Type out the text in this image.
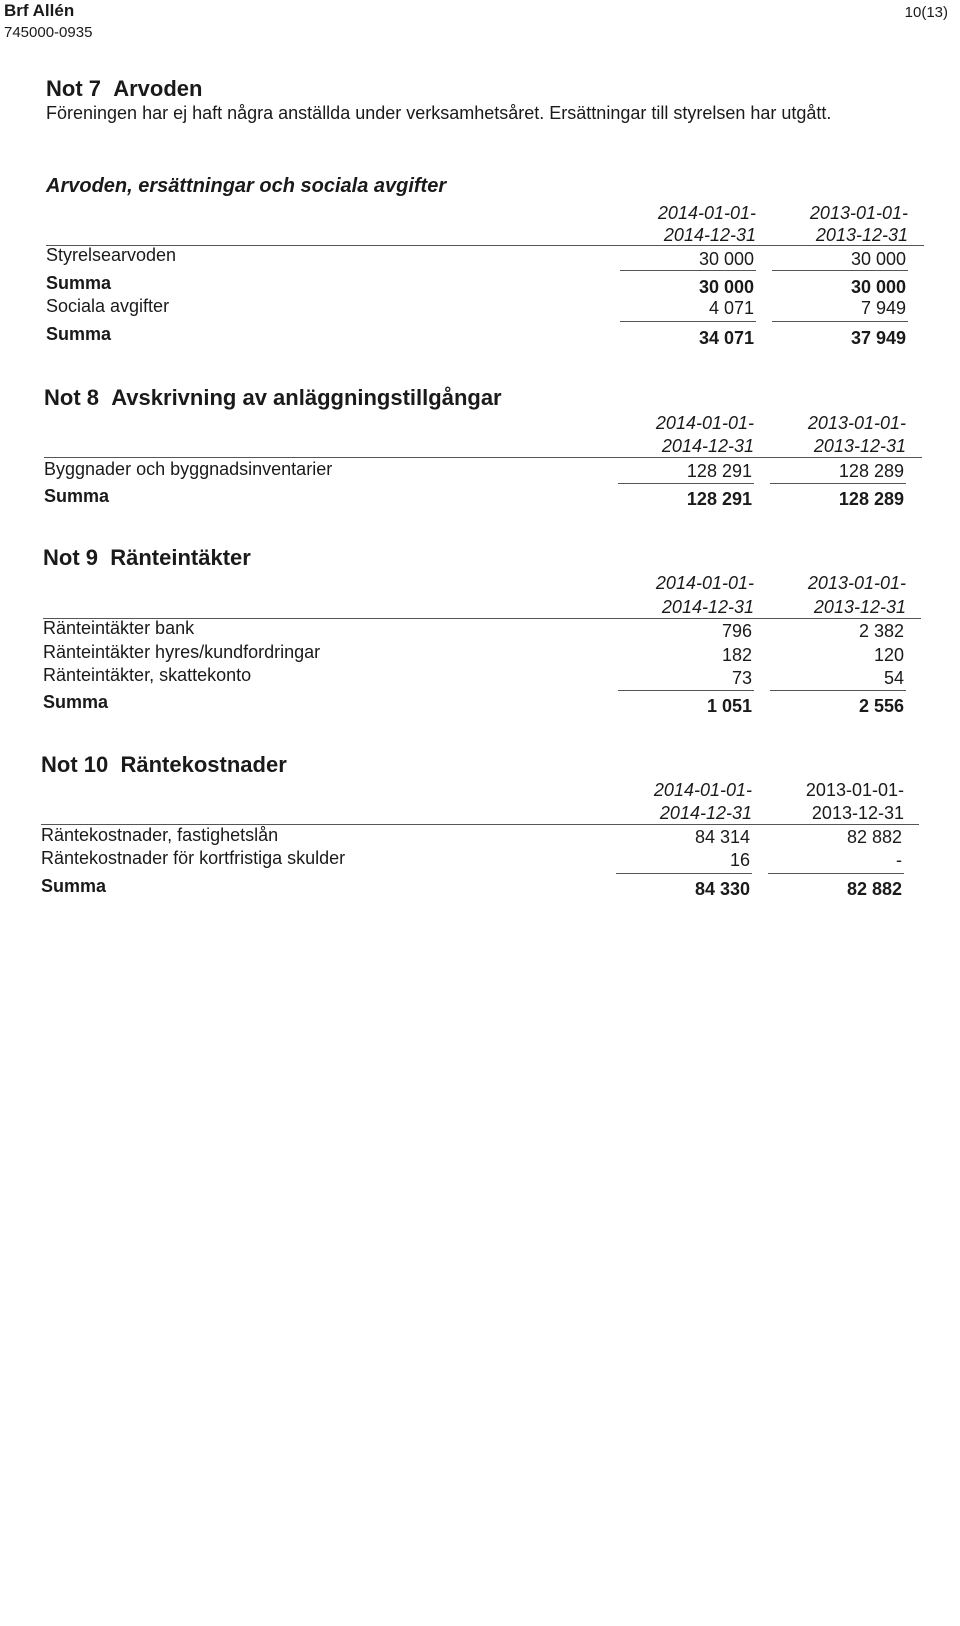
Brf Allén
745000-0935
10(13)
Not 7 Arvoden
Föreningen har ej haft några anställda under verksamhetsåret. Ersättningar till styrelsen har utgått.
Arvoden, ersättningar och sociala avgifter
2014-01-01-
2014-12-31
2013-01-01-
2013-12-31
Styrelsearvoden	30 000	30 000
Summa	30 000	30 000
Sociala avgifter	4 071	7 949
Summa	34 071	37 949
Not 8 Avskrivning av anläggningstillgångar
2014-01-01-
2014-12-31
2013-01-01-
2013-12-31
Byggnader och byggnadsinventarier	128 291	128 289
Summa	128 291	128 289
Not 9 Ränteintäkter
2014-01-01-
2014-12-31
2013-01-01-
2013-12-31
Ränteintäkter bank	796	2 382
Ränteintäkter hyres/kundfordringar	182	120
Ränteintäkter, skattekonto	73	54
Summa	1 051	2 556
Not 10 Räntekostnader
2014-01-01-
2014-12-31
2013-01-01-
2013-12-31
Räntekostnader, fastighetslån	84 314	82 882
Räntekostnader för kortfristiga skulder	16	-
Summa	84 330	82 882
